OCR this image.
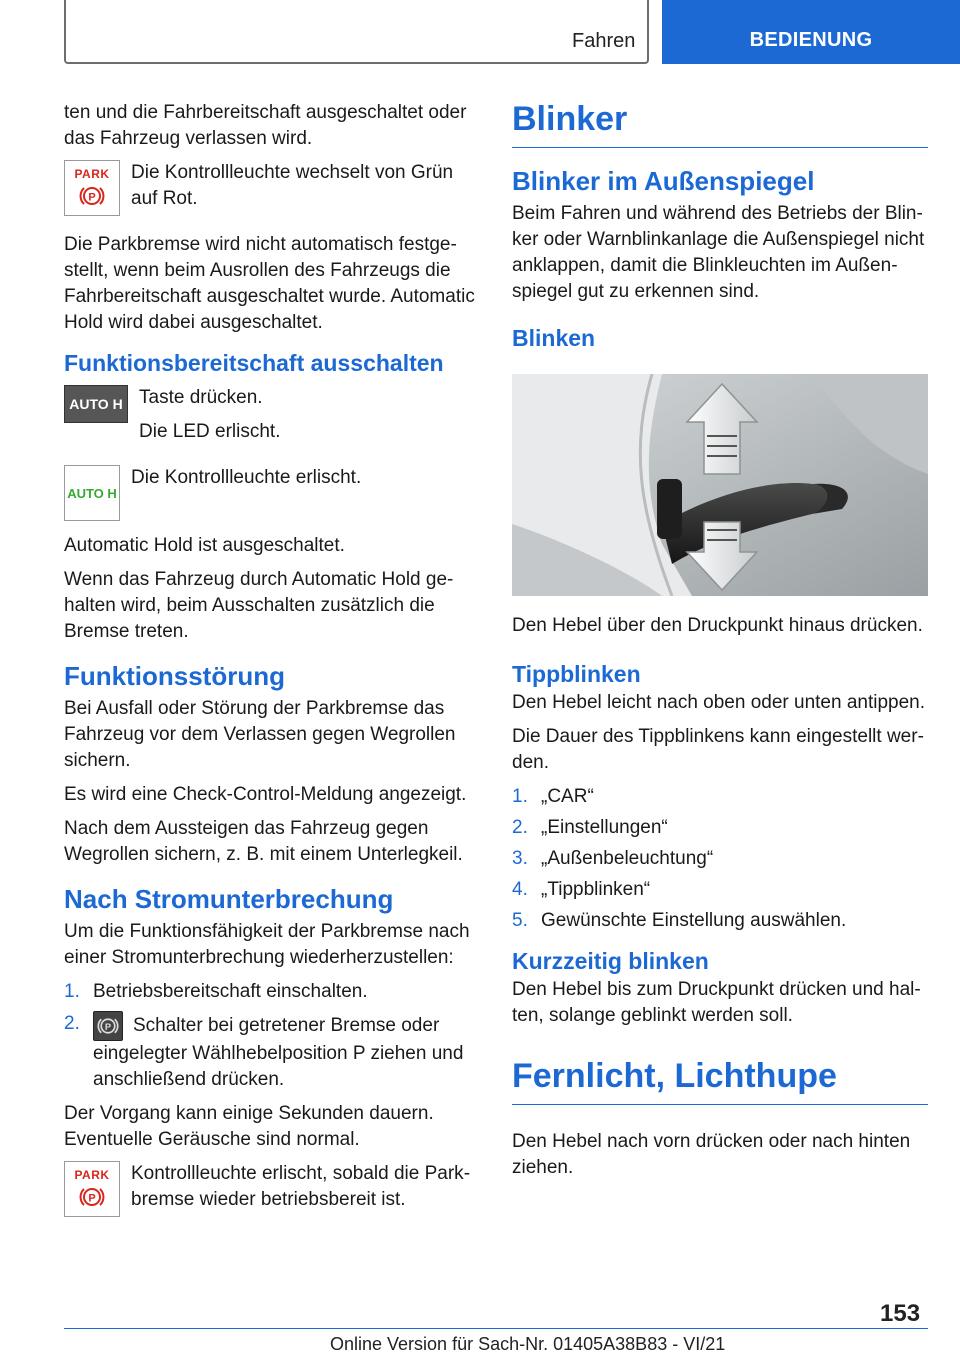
Fahren	BEDIENUNG

ten und die Fahrbereitschaft ausgeschaltet oder das Fahrzeug verlassen wird.

PARK
P

Die Kontrollleuchte wechselt von Grün auf Rot.

Die Parkbremse wird nicht automatisch festgestellt, wenn beim Ausrollen des Fahrzeugs die Fahrbereitschaft ausgeschaltet wurde. Automatic Hold wird dabei ausgeschaltet.

Funktionsbereitschaft ausschalten
AUTO H Taste drücken.

Die LED erlischt.

AUTO H

Die Kontrollleuchte erlischt.

Automatic Hold ist ausgeschaltet.

Wenn das Fahrzeug durch Automatic Hold gehalten wird, beim Ausschalten zusätzlich die Bremse treten.

Funktionsstörung

Bei Ausfall oder Störung der Parkbremse das Fahrzeug vor dem Verlassen gegen Wegrollen sichern.

Es wird eine Check-Control-Meldung angezeigt.

Nach dem Aussteigen das Fahrzeug gegen Wegrollen sichern, z. B. mit einem Unterlegkeil.

Nach Stromunterbrechung

Um die Funktionsfähigkeit der Parkbremse nach einer Stromunterbrechung wiederherzustellen:

1. Betriebsbereitschaft einschalten.
2.	P Schalter bei getretener Bremse oder eingelegter Wählhebelposition P ziehen und anschließend drücken.

Der Vorgang kann einige Sekunden dauern. Eventuelle Geräusche sind normal.

PARK
P

Kontrollleuchte erlischt, sobald die Parkbremse wieder betriebsbereit ist.

Blinker
Blinker im Außenspiegel

Beim Fahren und während des Betriebs der Blinker oder Warnblinkanlage die Außenspiegel nicht anklappen, damit die Blinkleuchten im Außenspiegel gut zu erkennen sind.

Blinken

Den Hebel über den Druckpunkt hinaus drücken.

Tippblinken

Den Hebel leicht nach oben oder unten antippen.

Die Dauer des Tippblinkens kann eingestellt werden.

1. „CAR“
2. „Einstellungen“
3. „Außenbeleuchtung“
4. „Tippblinken“
5. Gewünschte Einstellung auswählen.
Kurzzeitig blinken

Den Hebel bis zum Druckpunkt drücken und halten, solange geblinkt werden soll.

Fernlicht, Lichthupe

Den Hebel nach vorn drücken oder nach hinten ziehen.

153
Online Version für Sach-Nr. 01405A38B83 - VI/21
